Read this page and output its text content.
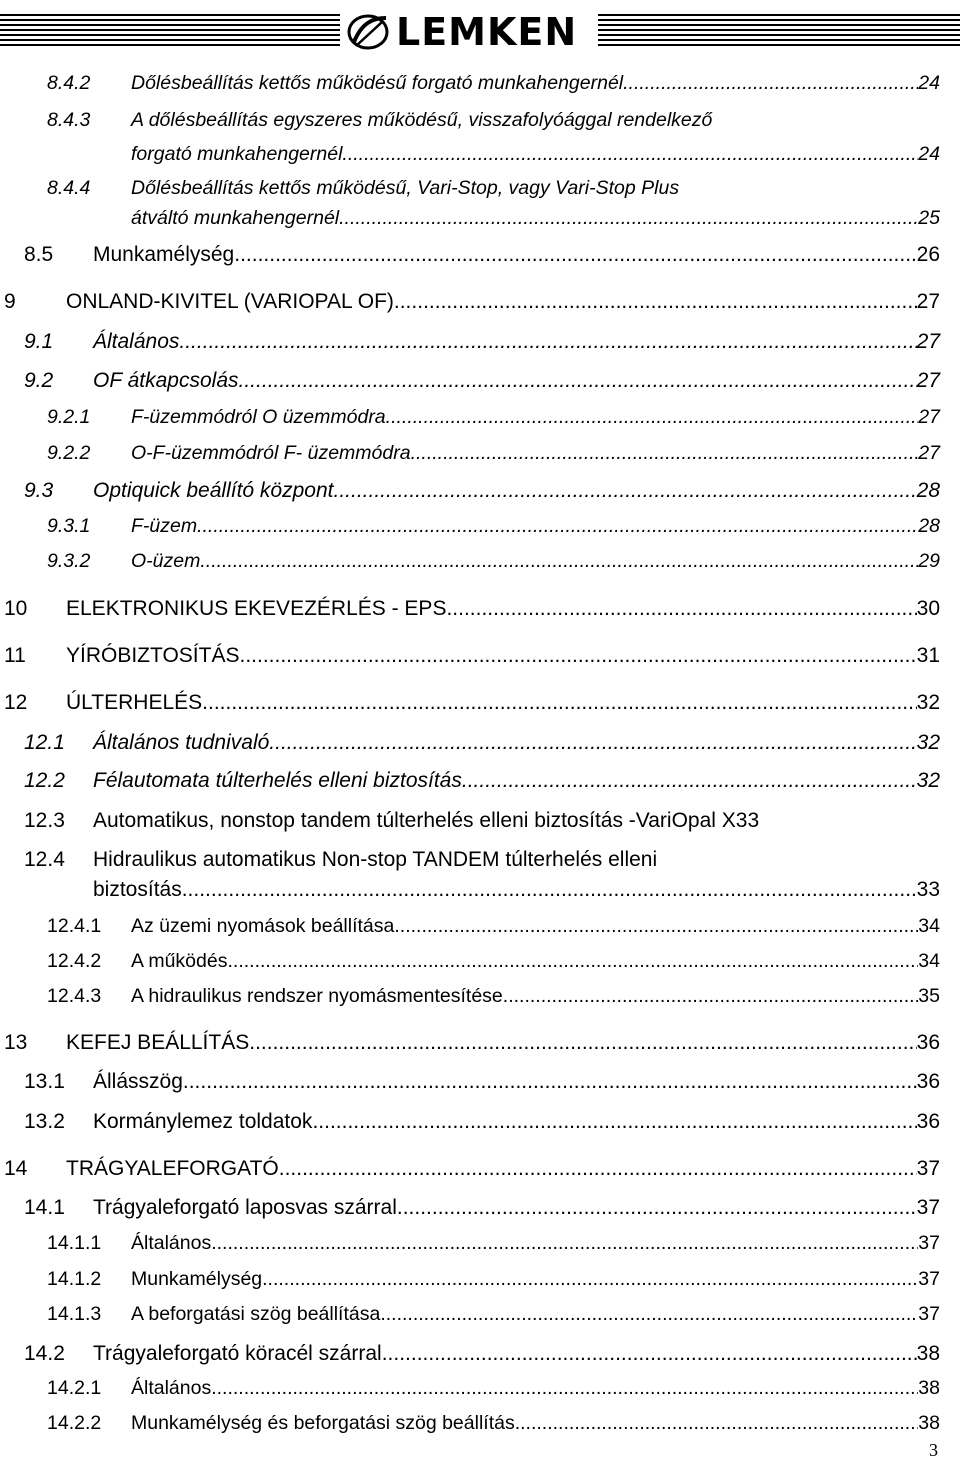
LEMKEN
8.4.2	Dőlésbeállítás kettős működésű forgató munkahengernél .....	24
8.4.3	A dőlésbeállítás egyszeres működésű, visszafolyóággal rendelkező
forgató munkahengernél .....	24
8.4.4	Dőlésbeállítás kettős működésű, Vari-Stop, vagy Vari-Stop Plus
átváltó munkahengernél .....	25
8.5	Munkamélység .....	26
9	ONLAND-KIVITEL (VARIOPAL OF) .....	27
9.1	Általános .....	27
9.2	OF átkapcsolás .....	27
9.2.1	F-üzemmódról O üzemmódra .....	27
9.2.2	O-F-üzemmódról F- üzemmódra .....	27
9.3	Optiquick beállító központ .....	28
9.3.1	F-üzem .....	28
9.3.2	O-üzem .....	29
10	ELEKTRONIKUS EKEVEZÉRLÉS - EPS .....	30
11	YÍRÓBIZTOSÍTÁS .....	31
12	ÚLTERHELÉS .....	32
12.1	Általános tudnivaló .....	32
12.2	Félautomata túlterhelés elleni biztosítás .....	32
12.3	Automatikus, nonstop tandem túlterhelés elleni biztosítás -VariOpal X33
12.4	Hidraulikus automatikus Non-stop TANDEM túlterhelés elleni
biztosítás .....	33
12.4.1	Az üzemi nyomások beállítása .....	34
12.4.2	A működés .....	34
12.4.3	A hidraulikus rendszer nyomásmentesítése .....	35
13	KEFEJ BEÁLLÍTÁS .....	36
13.1	Állásszög .....	36
13.2	Kormánylemez toldatok .....	36
14	TRÁGYALEFORGATÓ .....	37
14.1	Trágyaleforgató laposvas szárral .....	37
14.1.1	Általános .....	37
14.1.2	Munkamélység .....	37
14.1.3	A beforgatási szög beállítása .....	37
14.2	Trágyaleforgató köracél szárral .....	38
14.2.1	Általános .....	38
14.2.2	Munkamélység és beforgatási szög beállítás .....	38
3
